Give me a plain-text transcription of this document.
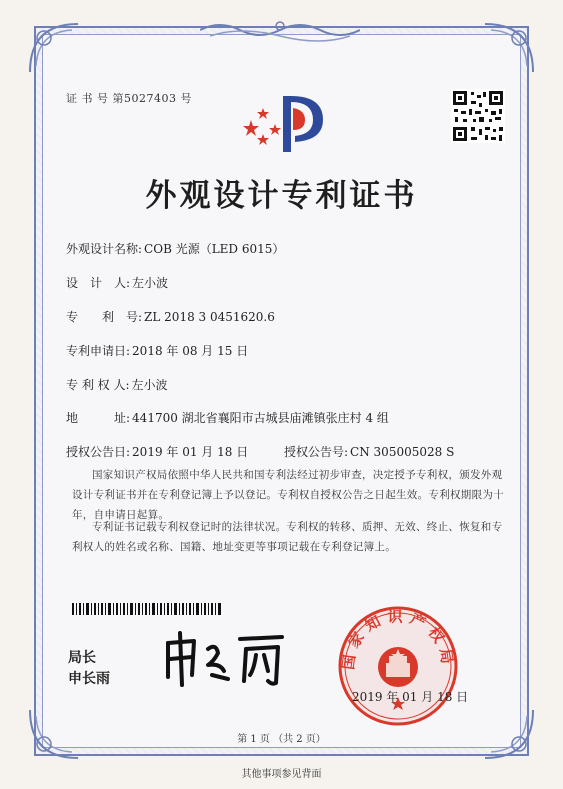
证 书 号 第5027403 号
外观设计专利证书
外观设计名称: COB 光源（LED 6015）
设　计　人: 左小波
专　　利　号: ZL 2018 3 0451620.6
专利申请日: 2018 年 08 月 15 日
专 利 权 人: 左小波
地　　　址: 441700 湖北省襄阳市古城县庙滩镇张庄村 4 组
授权公告日: 2019 年 01 月 18 日	授权公告号: CN 305005028 S
国家知识产权局依照中华人民共和国专利法经过初步审查，决定授予专利权，颁发外观设计专利证书并在专利登记簿上予以登记。专利权自授权公告之日起生效。专利权期限为十年，自申请日起算。
专利证书记载专利权登记时的法律状况。专利权的转移、质押、无效、终止、恢复和专利权人的姓名或名称、国籍、地址变更等事项记载在专利登记簿上。
局长
申长雨
国家知识产权局
2019 年 01 月 18 日
第 1 页 （共 2 页）
其他事项参见背面
